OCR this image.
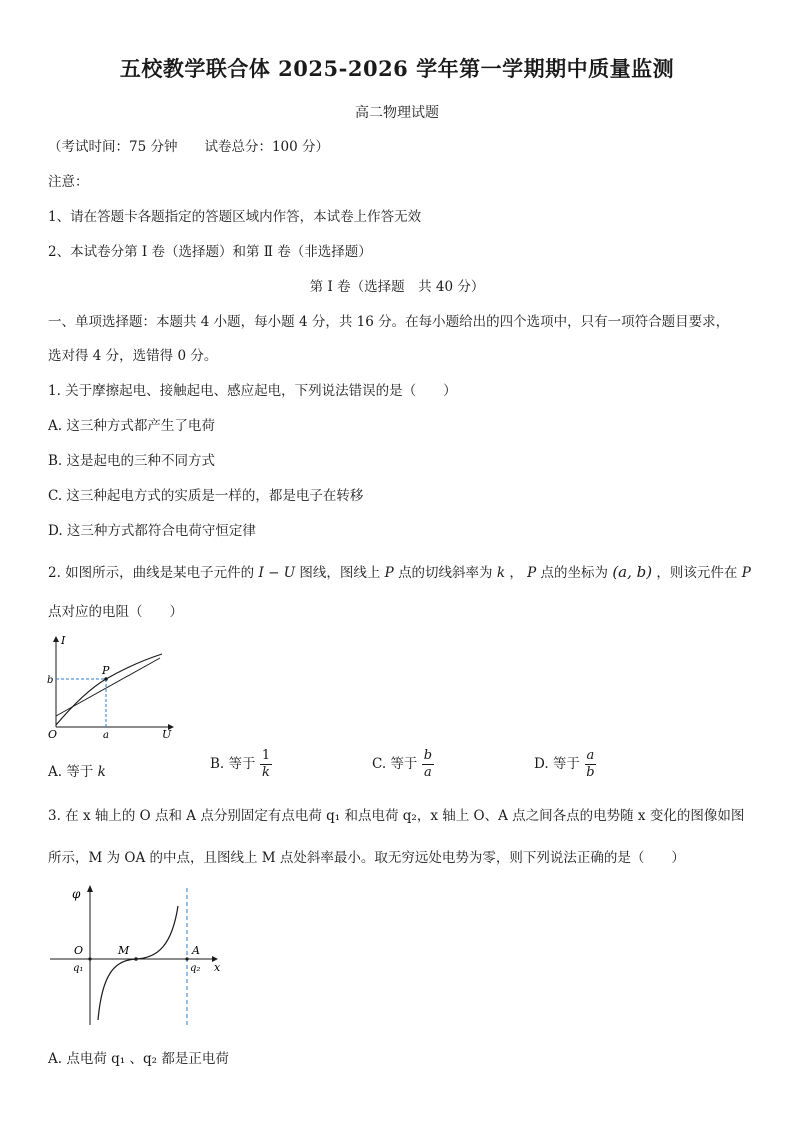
五校教学联合体 2025-2026 学年第一学期期中质量监测
高二物理试题
（考试时间：75 分钟　　试卷总分：100 分）
注意：
1、请在答题卡各题指定的答题区域内作答，本试卷上作答无效
2、本试卷分第 I 卷（选择题）和第 Ⅱ 卷（非选择题）
第 I 卷（选择题　共 40 分）
一、单项选择题：本题共 4 小题，每小题 4 分，共 16 分。在每小题给出的四个选项中，只有一项符合题目要求，
选对得 4 分，选错得 0 分。
1. 关于摩擦起电、接触起电、感应起电，下列说法错误的是（　　）
A. 这三种方式都产生了电荷
B. 这是起电的三种不同方式
C. 这三种起电方式的实质是一样的，都是电子在转移
D. 这三种方式都符合电荷守恒定律
2. 如图所示，曲线是某电子元件的 I − U 图线，图线上 P 点的切线斜率为 k ， P 点的坐标为 (a, b) ，则该元件在 P
点对应的电阻（　　）
I
U
O
P
a
b
A. 等于 k	B. 等于 $\frac{1}{k}$	C. 等于 $\frac{b}{a}$	D. 等于 $\frac{a}{b}$
3. 在 x 轴上的 O 点和 A 点分别固定有点电荷 q₁ 和点电荷 q₂，x 轴上 O、A 点之间各点的电势随 x 变化的图像如图
所示，M 为 OA 的中点，且图线上 M 点处斜率最小。取无穷远处电势为零，则下列说法正确的是（　　）
φ
x
O
q₁
M	A
q₂
A. 点电荷 q₁ 、q₂ 都是正电荷
